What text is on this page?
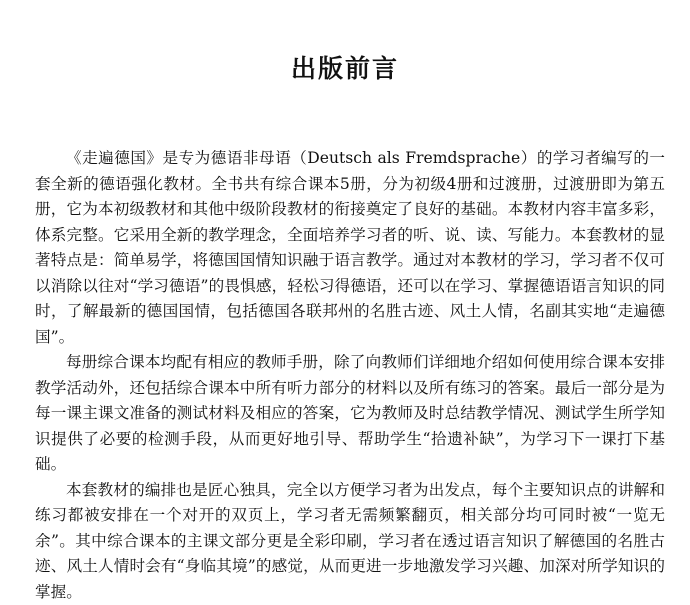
出版前言

《走遍德国》是专为德语非母语（Deutsch als Fremdsprache）的学习者编写的一套全新的德语强化教材。全书共有综合课本5册，分为初级4册和过渡册，过渡册即为第五册，它为本初级教材和其他中级阶段教材的衔接奠定了良好的基础。本教材内容丰富多彩，体系完整。它采用全新的教学理念，全面培养学习者的听、说、读、写能力。本套教材的显著特点是：简单易学，将德国国情知识融于语言教学。通过对本教材的学习，学习者不仅可以消除以往对“学习德语”的畏惧感，轻松习得德语，还可以在学习、掌握德语语言知识的同时，了解最新的德国国情，包括德国各联邦州的名胜古迹、风土人情，名副其实地“走遍德国”。

每册综合课本均配有相应的教师手册，除了向教师们详细地介绍如何使用综合课本安排教学活动外，还包括综合课本中所有听力部分的材料以及所有练习的答案。最后一部分是为每一课主课文准备的测试材料及相应的答案，它为教师及时总结教学情况、测试学生所学知识提供了必要的检测手段，从而更好地引导、帮助学生“拾遗补缺”，为学习下一课打下基础。

本套教材的编排也是匠心独具，完全以方便学习者为出发点，每个主要知识点的讲解和练习都被安排在一个对开的双页上，学习者无需频繁翻页，相关部分均可同时被“一览无余”。其中综合课本的主课文部分更是全彩印刷，学习者在透过语言知识了解德国的名胜古迹、风土人情时会有“身临其境”的感觉，从而更进一步地激发学习兴趣、加深对所学知识的掌握。
